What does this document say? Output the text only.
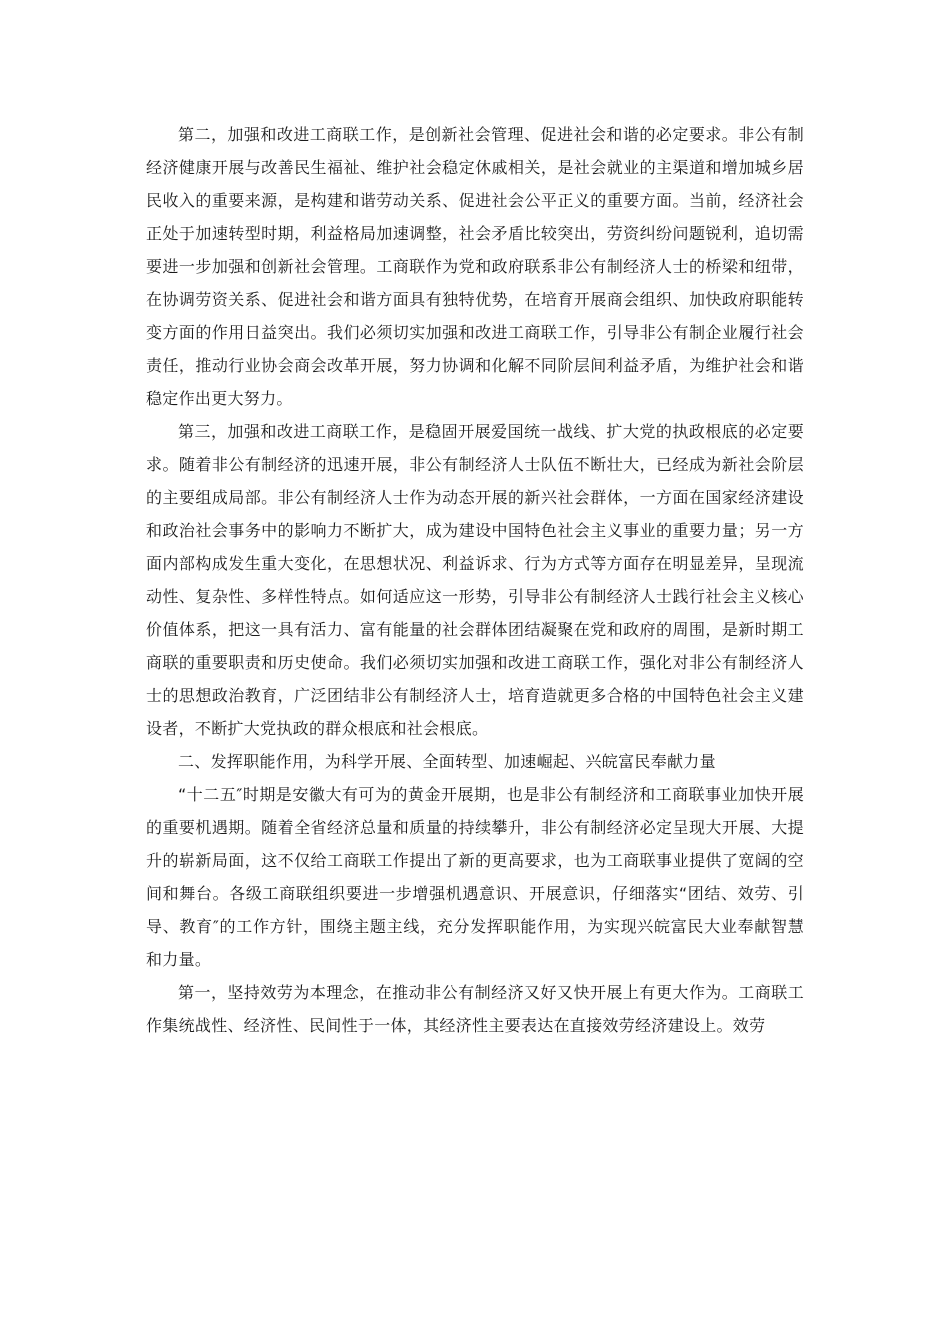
第二，加强和改进工商联工作，是创新社会管理、促进社会和谐的必定要求。非公有制经济健康开展与改善民生福祉、维护社会稳定休戚相关，是社会就业的主渠道和增加城乡居民收入的重要来源，是构建和谐劳动关系、促进社会公平正义的重要方面。当前，经济社会正处于加速转型时期，利益格局加速调整，社会矛盾比较突出，劳资纠纷问题锐利，追切需要进一步加强和创新社会管理。工商联作为党和政府联系非公有制经济人士的桥梁和纽带，在协调劳资关系、促进社会和谐方面具有独特优势，在培育开展商会组织、加快政府职能转变方面的作用日益突出。我们必须切实加强和改进工商联工作，引导非公有制企业履行社会责任，推动行业协会商会改革开展，努力协调和化解不同阶层间利益矛盾，为维护社会和谐稳定作出更大努力。

第三，加强和改进工商联工作，是稳固开展爱国统一战线、扩大党的执政根底的必定要求。随着非公有制经济的迅速开展，非公有制经济人士队伍不断壮大，已经成为新社会阶层的主要组成局部。非公有制经济人士作为动态开展的新兴社会群体，一方面在国家经济建设和政治社会事务中的影响力不断扩大，成为建设中国特色社会主义事业的重要力量；另一方面内部构成发生重大变化，在思想状况、利益诉求、行为方式等方面存在明显差异，呈现流动性、复杂性、多样性特点。如何适应这一形势，引导非公有制经济人士践行社会主义核心价值体系，把这一具有活力、富有能量的社会群体团结凝聚在党和政府的周围，是新时期工商联的重要职责和历史使命。我们必须切实加强和改进工商联工作，强化对非公有制经济人士的思想政治教育，广泛团结非公有制经济人士，培育造就更多合格的中国特色社会主义建设者，不断扩大党执政的群众根底和社会根底。

二、发挥职能作用，为科学开展、全面转型、加速崛起、兴皖富民奉献力量

“十二五″时期是安徽大有可为的黄金开展期，也是非公有制经济和工商联事业加快开展的重要机遇期。随着全省经济总量和质量的持续攀升，非公有制经济必定呈现大开展、大提升的崭新局面，这不仅给工商联工作提出了新的更高要求，也为工商联事业提供了宽阔的空间和舞台。各级工商联组织要进一步增强机遇意识、开展意识，仔细落实“团结、效劳、引导、教育″的工作方针，围绕主题主线，充分发挥职能作用，为实现兴皖富民大业奉献智慧和力量。

第一，坚持效劳为本理念，在推动非公有制经济又好又快开展上有更大作为。工商联工作集统战性、经济性、民间性于一体，其经济性主要表达在直接效劳经济建设上。效劳
